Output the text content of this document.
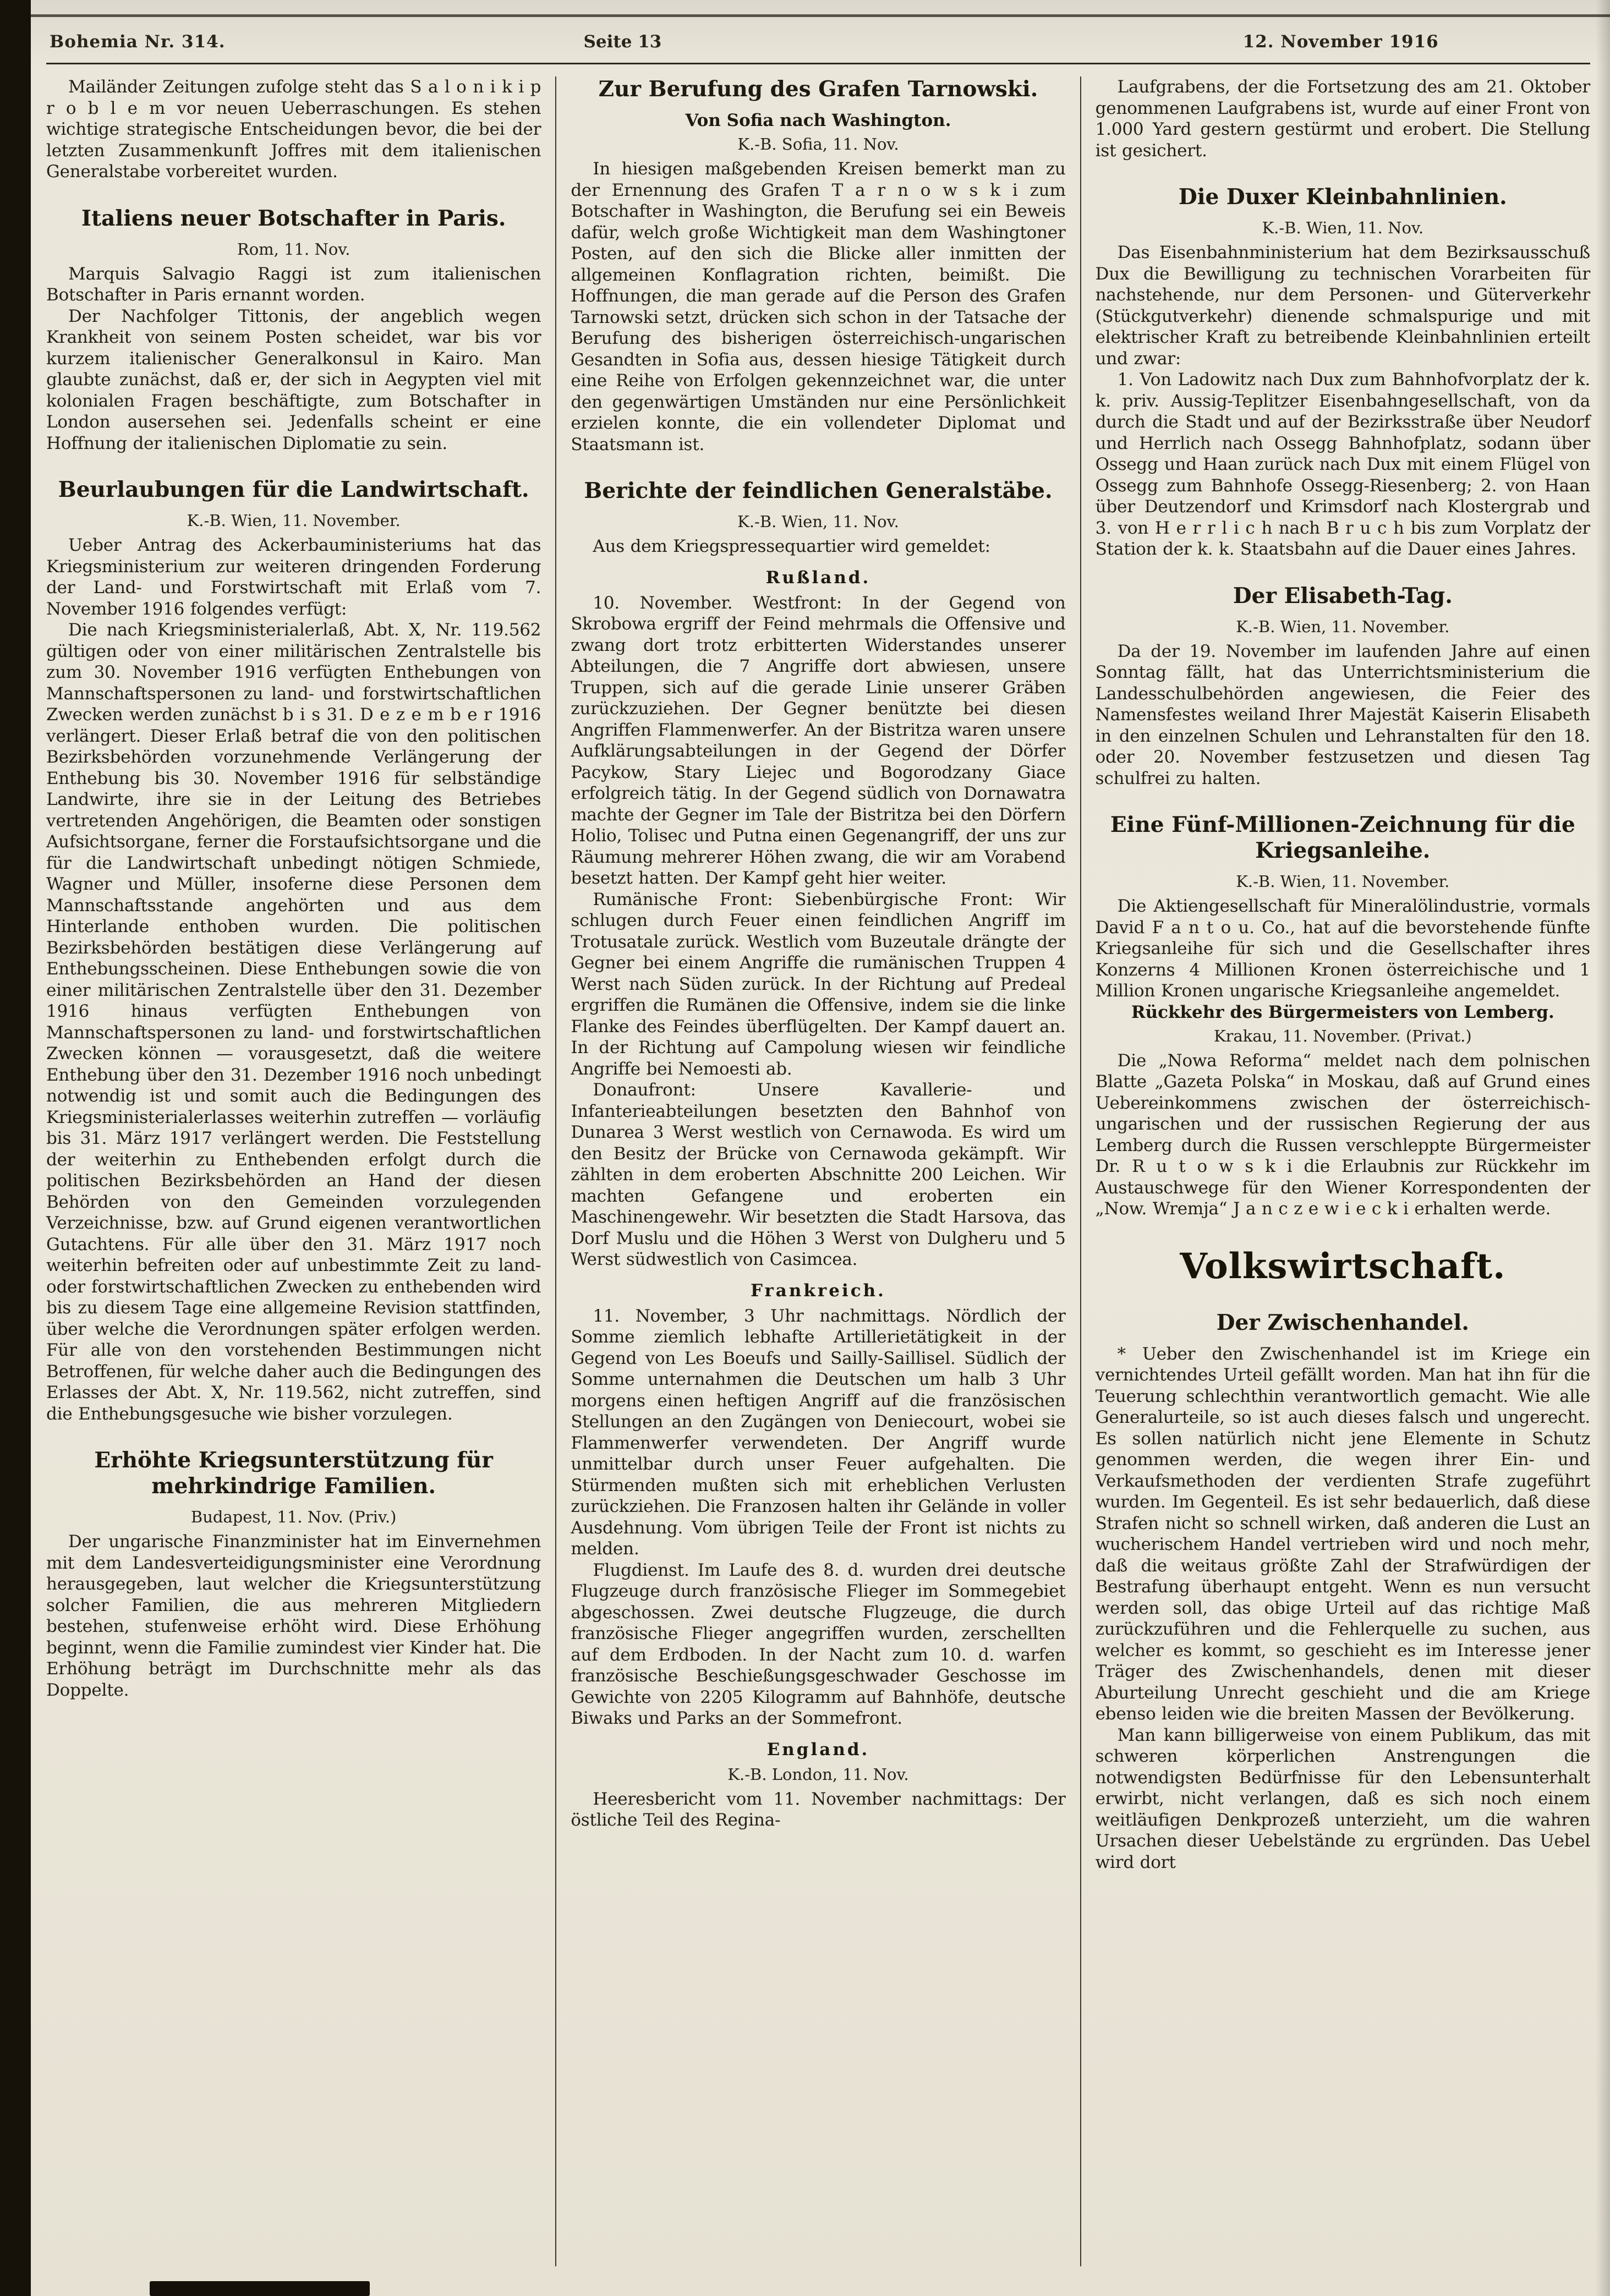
Bohemia Nr. 314.	Seite 13	12. November 1916

Mailänder Zeitungen zufolge steht das S a l o n i k i p r o b l e m vor neuen Ueberraschungen. Es stehen wichtige strategische Entscheidungen bevor, die bei der letzten Zusammenkunft Joffres mit dem italienischen Generalstabe vorbereitet wurden.

Italiens neuer Botschafter in Paris.

Rom, 11. Nov.

Marquis Salvagio Raggi ist zum italienischen Botschafter in Paris ernannt worden.

Der Nachfolger Tittonis, der angeblich wegen Krankheit von seinem Posten scheidet, war bis vor kurzem italienischer Generalkonsul in Kairo. Man glaubte zunächst, daß er, der sich in Aegypten viel mit kolonialen Fragen beschäftigte, zum Botschafter in London ausersehen sei. Jedenfalls scheint er eine Hoffnung der italienischen Diplomatie zu sein.

Beurlaubungen für die Landwirtschaft.

K.-B. Wien, 11. November.

Ueber Antrag des Ackerbauministeriums hat das Kriegsministerium zur weiteren dringenden Forderung der Land- und Forstwirtschaft mit Erlaß vom 7. November 1916 folgendes verfügt:

Die nach Kriegsministerialerlaß, Abt. X, Nr. 119.562 gültigen oder von einer militärischen Zentralstelle bis zum 30. November 1916 verfügten Enthebungen von Mannschaftspersonen zu land- und forstwirtschaftlichen Zwecken werden zunächst b i s 31. D e z e m b e r 1916 verlängert. Dieser Erlaß betraf die von den politischen Bezirksbehörden vorzunehmende Verlängerung der Enthebung bis 30. November 1916 für selbständige Landwirte, ihre sie in der Leitung des Betriebes vertretenden Angehörigen, die Beamten oder sonstigen Aufsichtsorgane, ferner die Forstaufsichtsorgane und die für die Landwirtschaft unbedingt nötigen Schmiede, Wagner und Müller, insoferne diese Personen dem Mannschaftsstande angehörten und aus dem Hinterlande enthoben wurden. Die politischen Bezirksbehörden bestätigen diese Verlängerung auf Enthebungsscheinen. Diese Enthebungen sowie die von einer militärischen Zentralstelle über den 31. Dezember 1916 hinaus verfügten Enthebungen von Mannschaftspersonen zu land- und forstwirtschaftlichen Zwecken können — vorausgesetzt, daß die weitere Enthebung über den 31. Dezember 1916 noch unbedingt notwendig ist und somit auch die Bedingungen des Kriegsministerialerlasses weiterhin zutreffen — vorläufig bis 31. März 1917 verlängert werden. Die Feststellung der weiterhin zu Enthebenden erfolgt durch die politischen Bezirksbehörden an Hand der diesen Behörden von den Gemeinden vorzulegenden Verzeichnisse, bzw. auf Grund eigenen verantwortlichen Gutachtens. Für alle über den 31. März 1917 noch weiterhin befreiten oder auf unbestimmte Zeit zu land- oder forstwirtschaftlichen Zwecken zu enthebenden wird bis zu diesem Tage eine allgemeine Revision stattfinden, über welche die Verordnungen später erfolgen werden. Für alle von den vorstehenden Bestimmungen nicht Betroffenen, für welche daher auch die Bedingungen des Erlasses der Abt. X, Nr. 119.562, nicht zutreffen, sind die Enthebungsgesuche wie bisher vorzulegen.

Erhöhte Kriegsunterstützung für mehrkindrige Familien.

Budapest, 11. Nov. (Priv.)

Der ungarische Finanzminister hat im Einvernehmen mit dem Landesverteidigungsminister eine Verordnung herausgegeben, laut welcher die Kriegsunterstützung solcher Familien, die aus mehreren Mitgliedern bestehen, stufenweise erhöht wird. Diese Erhöhung beginnt, wenn die Familie zumindest vier Kinder hat. Die Erhöhung beträgt im Durchschnitte mehr als das Doppelte.

Zur Berufung des Grafen Tarnowski.
Von Sofia nach Washington.

K.-B. Sofia, 11. Nov.

In hiesigen maßgebenden Kreisen bemerkt man zu der Ernennung des Grafen T a r n o w s k i zum Botschafter in Washington, die Berufung sei ein Beweis dafür, welch große Wichtigkeit man dem Washingtoner Posten, auf den sich die Blicke aller inmitten der allgemeinen Konflagration richten, beimißt. Die Hoffnungen, die man gerade auf die Person des Grafen Tarnowski setzt, drücken sich schon in der Tatsache der Berufung des bisherigen österreichisch-ungarischen Gesandten in Sofia aus, dessen hiesige Tätigkeit durch eine Reihe von Erfolgen gekennzeichnet war, die unter den gegenwärtigen Umständen nur eine Persönlichkeit erzielen konnte, die ein vollendeter Diplomat und Staatsmann ist.

Berichte der feindlichen Generalstäbe.

K.-B. Wien, 11. Nov.

Aus dem Kriegspressequartier wird gemeldet:

Rußland.

10. November. Westfront: In der Gegend von Skrobowa ergriff der Feind mehrmals die Offensive und zwang dort trotz erbitterten Widerstandes unserer Abteilungen, die 7 Angriffe dort abwiesen, unsere Truppen, sich auf die gerade Linie unserer Gräben zurückzuziehen. Der Gegner benützte bei diesen Angriffen Flammenwerfer. An der Bistritza waren unsere Aufklärungsabteilungen in der Gegend der Dörfer Pacykow, Stary Liejec und Bogorodzany Giace erfolgreich tätig. In der Gegend südlich von Dornawatra machte der Gegner im Tale der Bistritza bei den Dörfern Holio, Tolisec und Putna einen Gegenangriff, der uns zur Räumung mehrerer Höhen zwang, die wir am Vorabend besetzt hatten. Der Kampf geht hier weiter.

Rumänische Front: Siebenbürgische Front: Wir schlugen durch Feuer einen feindlichen Angriff im Trotusatale zurück. Westlich vom Buzeutale drängte der Gegner bei einem Angriffe die rumänischen Truppen 4 Werst nach Süden zurück. In der Richtung auf Predeal ergriffen die Rumänen die Offensive, indem sie die linke Flanke des Feindes überflügelten. Der Kampf dauert an. In der Richtung auf Campolung wiesen wir feindliche Angriffe bei Nemoesti ab.

Donaufront: Unsere Kavallerie- und Infanterieabteilungen besetzten den Bahnhof von Dunarea 3 Werst westlich von Cernawoda. Es wird um den Besitz der Brücke von Cernawoda gekämpft. Wir zählten in dem eroberten Abschnitte 200 Leichen. Wir machten Gefangene und eroberten ein Maschinengewehr. Wir besetzten die Stadt Harsova, das Dorf Muslu und die Höhen 3 Werst von Dulgheru und 5 Werst südwestlich von Casimcea.

Frankreich.

11. November, 3 Uhr nachmittags. Nördlich der Somme ziemlich lebhafte Artillerietätigkeit in der Gegend von Les Boeufs und Sailly-Saillisel. Südlich der Somme unternahmen die Deutschen um halb 3 Uhr morgens einen heftigen Angriff auf die französischen Stellungen an den Zugängen von Deniecourt, wobei sie Flammenwerfer verwendeten. Der Angriff wurde unmittelbar durch unser Feuer aufgehalten. Die Stürmenden mußten sich mit erheblichen Verlusten zurückziehen. Die Franzosen halten ihr Gelände in voller Ausdehnung. Vom übrigen Teile der Front ist nichts zu melden.

Flugdienst. Im Laufe des 8. d. wurden drei deutsche Flugzeuge durch französische Flieger im Sommegebiet abgeschossen. Zwei deutsche Flugzeuge, die durch französische Flieger angegriffen wurden, zerschellten auf dem Erdboden. In der Nacht zum 10. d. warfen französische Beschießungsgeschwader Geschosse im Gewichte von 2205 Kilogramm auf Bahnhöfe, deutsche Biwaks und Parks an der Sommefront.

England.

K.-B. London, 11. Nov.

Heeresbericht vom 11. November nachmittags: Der östliche Teil des Regina-

Laufgrabens, der die Fortsetzung des am 21. Oktober genommenen Laufgrabens ist, wurde auf einer Front von 1.000 Yard gestern gestürmt und erobert. Die Stellung ist gesichert.

Die Duxer Kleinbahnlinien.

K.-B. Wien, 11. Nov.

Das Eisenbahnministerium hat dem Bezirksausschuß Dux die Bewilligung zu technischen Vorarbeiten für nachstehende, nur dem Personen- und Güterverkehr (Stückgutverkehr) dienende schmalspurige und mit elektrischer Kraft zu betreibende Kleinbahnlinien erteilt und zwar:

1. Von Ladowitz nach Dux zum Bahnhofvorplatz der k. k. priv. Aussig-Teplitzer Eisenbahngesellschaft, von da durch die Stadt und auf der Bezirksstraße über Neudorf und Herrlich nach Ossegg Bahnhofplatz, sodann über Ossegg und Haan zurück nach Dux mit einem Flügel von Ossegg zum Bahnhofe Ossegg-Riesenberg; 2. von Haan über Deutzendorf und Krimsdorf nach Klostergrab und 3. von H e r r l i c h nach B r u c h bis zum Vorplatz der Station der k. k. Staatsbahn auf die Dauer eines Jahres.

Der Elisabeth-Tag.

K.-B. Wien, 11. November.

Da der 19. November im laufenden Jahre auf einen Sonntag fällt, hat das Unterrichtsministerium die Landesschulbehörden angewiesen, die Feier des Namensfestes weiland Ihrer Majestät Kaiserin Elisabeth in den einzelnen Schulen und Lehranstalten für den 18. oder 20. November festzusetzen und diesen Tag schulfrei zu halten.

Eine Fünf-Millionen-Zeichnung für die Kriegsanleihe.

K.-B. Wien, 11. November.

Die Aktiengesellschaft für Mineralölindustrie, vormals David F a n t o u. Co., hat auf die bevorstehende fünfte Kriegsanleihe für sich und die Gesellschafter ihres Konzerns 4 Millionen Kronen österreichische und 1 Million Kronen ungarische Kriegsanleihe angemeldet.

Rückkehr des Bürgermeisters von Lemberg.

Krakau, 11. November. (Privat.)

Die „Nowa Reforma“ meldet nach dem polnischen Blatte „Gazeta Polska“ in Moskau, daß auf Grund eines Uebereinkommens zwischen der österreichisch-ungarischen und der russischen Regierung der aus Lemberg durch die Russen verschleppte Bürgermeister Dr. R u t o w s k i die Erlaubnis zur Rückkehr im Austauschwege für den Wiener Korrespondenten der „Now. Wremja“ J a n c z e w i e c k i erhalten werde.

Volkswirtschaft.
Der Zwischenhandel.

* Ueber den Zwischenhandel ist im Kriege ein vernichtendes Urteil gefällt worden. Man hat ihn für die Teuerung schlechthin verantwortlich gemacht. Wie alle Generalurteile, so ist auch dieses falsch und ungerecht. Es sollen natürlich nicht jene Elemente in Schutz genommen werden, die wegen ihrer Ein- und Verkaufsmethoden der verdienten Strafe zugeführt wurden. Im Gegenteil. Es ist sehr bedauerlich, daß diese Strafen nicht so schnell wirken, daß anderen die Lust an wucherischem Handel vertrieben wird und noch mehr, daß die weitaus größte Zahl der Strafwürdigen der Bestrafung überhaupt entgeht. Wenn es nun versucht werden soll, das obige Urteil auf das richtige Maß zurückzuführen und die Fehlerquelle zu suchen, aus welcher es kommt, so geschieht es im Interesse jener Träger des Zwischenhandels, denen mit dieser Aburteilung Unrecht geschieht und die am Kriege ebenso leiden wie die breiten Massen der Bevölkerung.

Man kann billigerweise von einem Publikum, das mit schweren körperlichen Anstrengungen die notwendigsten Bedürfnisse für den Lebensunterhalt erwirbt, nicht verlangen, daß es sich noch einem weitläufigen Denkprozeß unterzieht, um die wahren Ursachen dieser Uebelstände zu ergründen. Das Uebel wird dort
